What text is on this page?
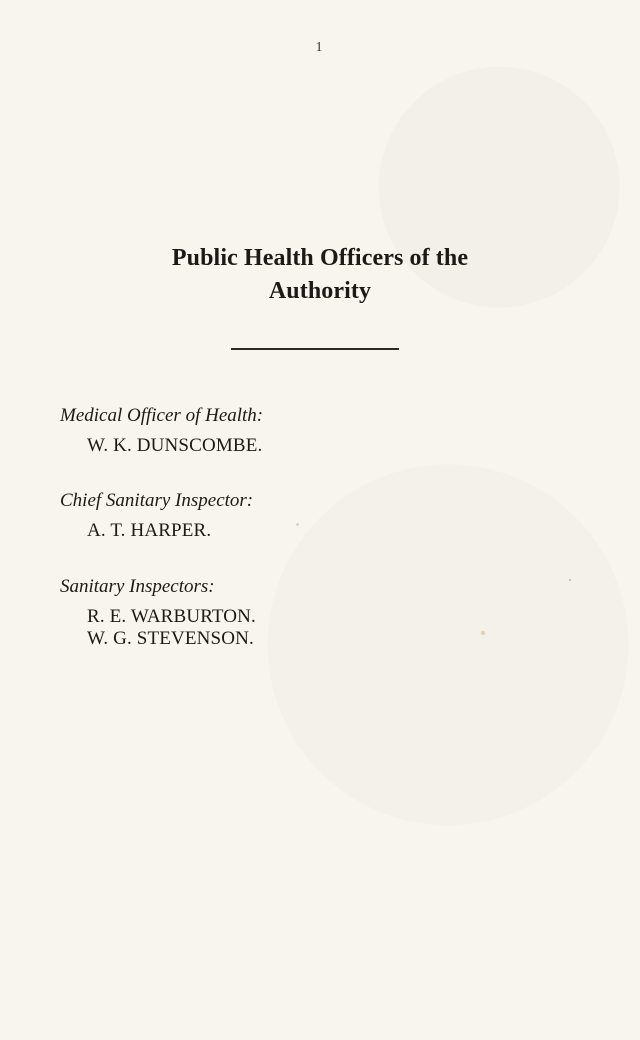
1
Public Health Officers of the
Authority
Medical Officer of Health:
W. K. DUNSCOMBE.
Chief Sanitary Inspector:
A. T. HARPER.
Sanitary Inspectors:
R. E. WARBURTON.
W. G. STEVENSON.
